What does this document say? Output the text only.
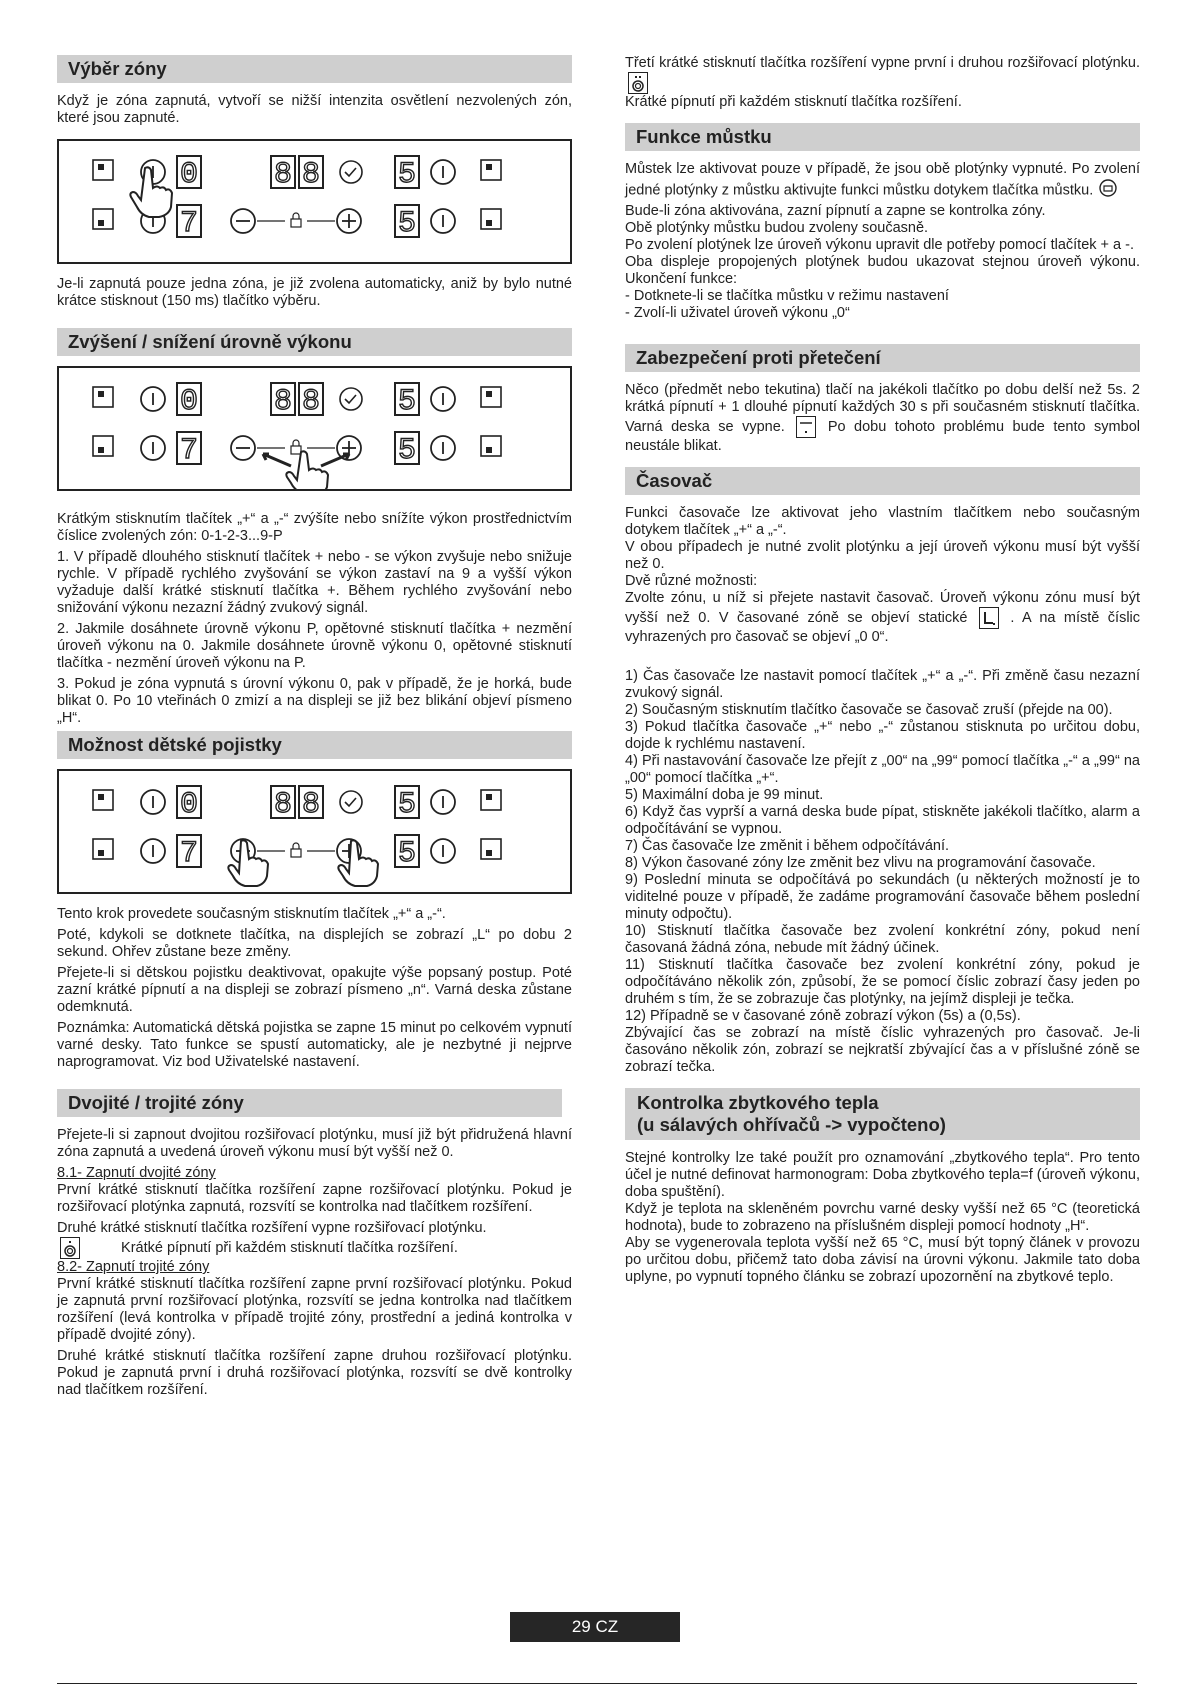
Výběr zóny

Když je zóna zapnutá, vytvoří se nižší intenzita osvětlení nezvolených zón, které jsou zapnuté.

0	8 8	5
7	5

Je-li zapnutá pouze jedna zóna, je již zvolena automaticky, aniž by bylo nutné krátce stisknout (150 ms) tlačítko výběru.

Zvýšení / snížení úrovně výkonu
0	8 8	5
7	5

Krátkým stisknutím tlačítek „+“ a „-“ zvýšíte nebo snížíte výkon prostřednictvím číslice zvolených zón: 0-1-2-3...9-P

1. V případě dlouhého stisknutí tlačítek + nebo - se výkon zvyšuje nebo snižuje rychle. V případě rychlého zvyšování se výkon zastaví na 9 a vyšší výkon vyžaduje další krátké stisknutí tlačítka +. Během rychlého zvyšování nebo snižování výkonu nezazní žádný zvukový signál.

2. Jakmile dosáhnete úrovně výkonu P, opětovné stisknutí tlačítka + nezmění úroveň výkonu na 0. Jakmile dosáhnete úrovně výkonu 0, opětovné stisknutí tlačítka - nezmění úroveň výkonu na P.

3. Pokud je zóna vypnutá s úrovní výkonu 0, pak v případě, že je horká, bude blikat 0. Po 10 vteřinách 0 zmizí a na displeji se již bez blikání objeví písmeno „H“.

Možnost dětské pojistky
0	8 8	5
7	5

Tento krok provedete současným stisknutím tlačítek „+“ a „-“.

Poté, kdykoli se dotknete tlačítka, na displejích se zobrazí „L“ po dobu 2 sekund. Ohřev zůstane beze změny.

Přejete-li si dětskou pojistku deaktivovat, opakujte výše popsaný postup. Poté zazní krátké pípnutí a na displeji se zobrazí písmeno „n“. Varná deska zůstane odemknutá.

Poznámka: Automatická dětská pojistka se zapne 15 minut po celkovém vypnutí varné desky. Tato funkce se spustí automaticky, ale je nezbytné ji nejprve naprogramovat. Viz bod Uživatelské nastavení.

Dvojité / trojité zóny

Přejete-li si zapnout dvojitou rozšiřovací plotýnku, musí již být přidružená hlavní zóna zapnutá a uvedená úroveň výkonu musí být vyšší než 0.

8.1- Zapnutí dvojité zóny

První krátké stisknutí tlačítka rozšíření zapne rozšiřovací plotýnku. Pokud je rozšiřovací plotýnka zapnutá, rozsvítí se kontrolka nad tlačítkem rozšíření.

Druhé krátké stisknutí tlačítka rozšíření vypne rozšiřovací plotýnku.

Krátké pípnutí při každém stisknutí tlačítka rozšíření.

8.2- Zapnutí trojité zóny

První krátké stisknutí tlačítka rozšíření zapne první rozšiřovací plotýnku. Pokud je zapnutá první rozšiřovací plotýnka, rozsvítí se jedna kontrolka nad tlačítkem rozšíření (levá kontrolka v případě trojité zóny, prostřední a jediná kontrolka v případě dvojité zóny).

Druhé krátké stisknutí tlačítka rozšíření zapne druhou rozšiřovací plotýnku. Pokud je zapnutá první i druhá rozšiřovací plotýnka, rozsvítí se dvě kontrolky nad tlačítkem rozšíření.

Třetí krátké stisknutí tlačítka rozšíření vypne první i druhou rozšiřovací plotýnku.

Krátké pípnutí při každém stisknutí tlačítka rozšíření.

Funkce můstku

Můstek lze aktivovat pouze v případě, že jsou obě plotýnky vypnuté. Po zvolení jedné plotýnky z můstku aktivujte funkci můstku dotykem tlačítka můstku.

Bude-li zóna aktivována, zazní pípnutí a zapne se kontrolka zóny.

Obě plotýnky můstku budou zvoleny současně.

Po zvolení plotýnek lze úroveň výkonu upravit dle potřeby pomocí tlačítek + a -.

Oba displeje propojených plotýnek budou ukazovat stejnou úroveň výkonu. Ukončení funkce:

- Dotknete-li se tlačítka můstku v režimu nastavení

- Zvolí-li uživatel úroveň výkonu „0“

Zabezpečení proti přetečení

Něco (předmět nebo tekutina) tlačí na jakékoli tlačítko po dobu delší než 5s. 2 krátká pípnutí + 1 dlouhé pípnutí každých 30 s při současném stisknutí tlačítka. Varná deska se vypne.	Po dobu tohoto problému bude tento symbol neustále blikat.

Časovač

Funkci časovače lze aktivovat jeho vlastním tlačítkem nebo současným dotykem tlačítek „+“ a „-“.

V obou případech je nutné zvolit plotýnku a její úroveň výkonu musí být vyšší než 0.

Dvě různé možnosti:

Zvolte zónu, u níž si přejete nastavit časovač. Úroveň výkonu zónu musí být vyšší než 0. V časované zóně se objeví statické	. A na místě číslic vyhrazených pro časovač se objeví „0 0“.

1) Čas časovače lze nastavit pomocí tlačítek „+“ a „-“. Při změně času nezazní zvukový signál.

2) Současným stisknutím tlačítko časovače se časovač zruší (přejde na 00).

3) Pokud tlačítka časovače „+“ nebo „-“ zůstanou stisknuta po určitou dobu, dojde k rychlému nastavení.

4) Při nastavování časovače lze přejít z „00“ na „99“ pomocí tlačítka „-“ a „99“ na „00“ pomocí tlačítka „+“.

5) Maximální doba je 99 minut.

6) Když čas vyprší a varná deska bude pípat, stiskněte jakékoli tlačítko, alarm a odpočítávání se vypnou.

7) Čas časovače lze změnit i během odpočítávání.

8) Výkon časované zóny lze změnit bez vlivu na programování časovače.

9) Poslední minuta se odpočítává po sekundách (u některých možností je to viditelné pouze v případě, že zadáme programování časovače během poslední minuty odpočtu).

10) Stisknutí tlačítka časovače bez zvolení konkrétní zóny, pokud není časovaná žádná zóna, nebude mít žádný účinek.

11) Stisknutí tlačítka časovače bez zvolení konkrétní zóny, pokud je odpočítáváno několik zón, způsobí, že se pomocí číslic zobrazí časy jeden po druhém s tím, že se zobrazuje čas plotýnky, na jejímž displeji je tečka.

12) Případně se v časované zóně zobrazí výkon (5s) a (0,5s).

Zbývající čas se zobrazí na místě číslic vyhrazených pro časovač. Je-li časováno několik zón, zobrazí se nejkratší zbývající čas a v příslušné zóně se zobrazí tečka.

Kontrolka zbytkového tepla
(u sálavých ohřívačů -> vypočteno)

Stejné kontrolky lze také použít pro oznamování „zbytkového tepla“. Pro tento účel je nutné definovat harmonogram: Doba zbytkového tepla=f (úroveň výkonu, doba spuštění).

Když je teplota na skleněném povrchu varné desky vyšší než 65 °C (teoretická hodnota), bude to zobrazeno na příslušném displeji pomocí hodnoty „H“.

Aby se vygenerovala teplota vyšší než 65 °C, musí být topný článek v provozu po určitou dobu, přičemž tato doba závisí na úrovni výkonu. Jakmile tato doba uplyne, po vypnutí topného článku se zobrazí upozornění na zbytkové teplo.

29 CZ
